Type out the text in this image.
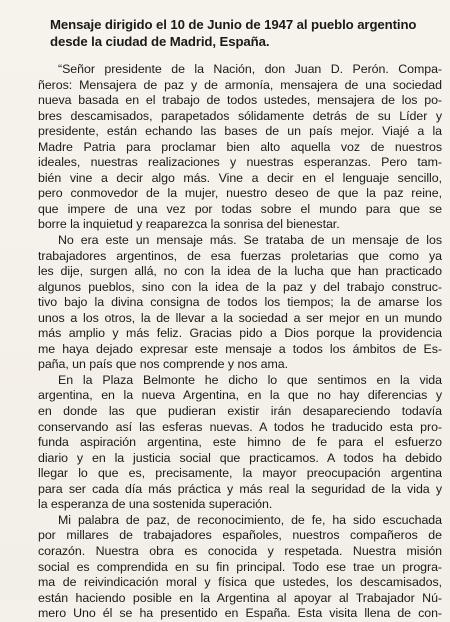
Mensaje dirigido el 10 de Junio de 1947 al pueblo argentino
desde la ciudad de Madrid, España.
“Señor presidente de la Nación, don Juan D. Perón. Compa-
ñeros: Mensajera de paz y de armonía, mensajera de una sociedad
nueva basada en el trabajo de todos ustedes, mensajera de los po-
bres descamisados, parapetados sólidamente detrás de su Líder y
presidente, están echando las bases de un país mejor. Viajé a la
Madre Patria para proclamar bien alto aquella voz de nuestros
ideales, nuestras realizaciones y nuestras esperanzas. Pero tam-
bién vine a decir algo más. Vine a decir en el lenguaje sencillo,
pero conmovedor de la mujer, nuestro deseo de que la paz reine,
que impere de una vez por todas sobre el mundo para que se
borre la inquietud y reaparezca la sonrisa del bienestar.
No era este un mensaje más. Se trataba de un mensaje de los
trabajadores argentinos, de esa fuerzas proletarias que como ya
les dije, surgen allá, no con la idea de la lucha que han practicado
algunos pueblos, sino con la idea de la paz y del trabajo construc-
tivo bajo la divina consigna de todos los tiempos; la de amarse los
unos a los otros, la de llevar a la sociedad a ser mejor en un mundo
más amplio y más feliz. Gracias pido a Dios porque la providencia
me haya dejado expresar este mensaje a todos los ámbitos de Es-
paña, un país que nos comprende y nos ama.
En la Plaza Belmonte he dicho lo que sentimos en la vida
argentina, en la nueva Argentina, en la que no hay diferencias y
en donde las que pudieran existir irán desapareciendo todavía
conservando así las esferas nuevas. A todos he traducido esta pro-
funda aspiración argentina, este himno de fe para el esfuerzo
diario y en la justicia social que practicamos. A todos ha debido
llegar lo que es, precisamente, la mayor preocupación argentina
para ser cada día más práctica y más real la seguridad de la vida y
la esperanza de una sostenida superación.
Mi palabra de paz, de reconocimiento, de fe, ha sido escuchada
por millares de trabajadores españoles, nuestros compañeros de
corazón. Nuestra obra es conocida y respetada. Nuestra misión
social es comprendida en su fin principal. Todo ese trae un progra-
ma de reivindicación moral y física que ustedes, los descamisados,
están haciendo posible en la Argentina al apoyar al Trabajador Nú-
mero Uno él se ha presentido en España. Esta visita llena de con-
